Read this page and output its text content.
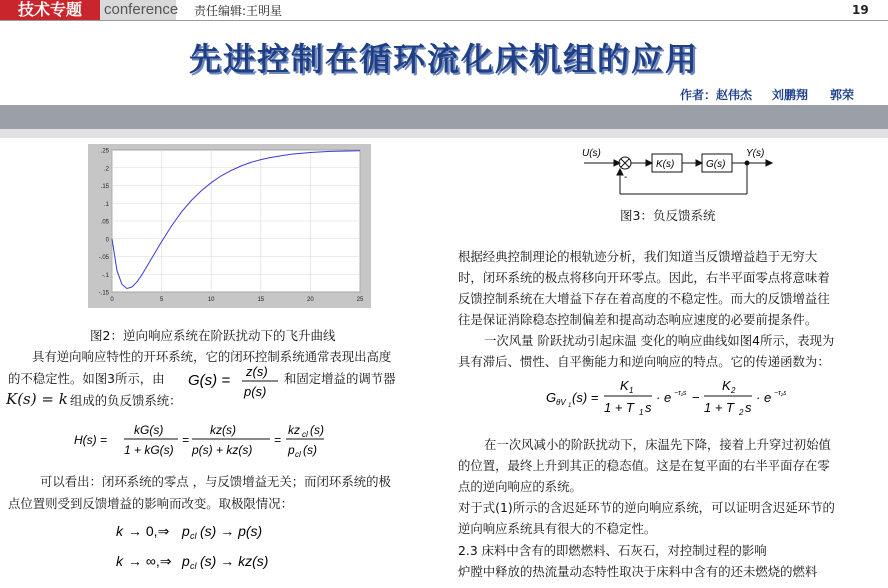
技术专题	conference 责任编辑:王明星	19
先进控制在循环流化床机组的应用
作者：赵伟杰 刘鹏翔 郭荣
-.15
-.1
-.05
0
.05
.1
.15
.2
.25
0	5	10	15	20	25
图2：逆向响应系统在阶跃扰动下的飞升曲线
具有逆向响应特性的开环系统，它的闭环控制系统通常表现出高度
的不稳定性。如图3所示，由 G(s) =
z(s)
p(s)
和固定增益的调节器
K(s) = k 组成的负反馈系统：
H(s) =
kG(s)
1 + kG(s)
=
kz(s)
p(s) + kz(s)
=
kz cl (s)
p cl (s)
可以看出：闭环系统的零点 ，与反馈增益无关；而闭环系统的极
点位置则受到反馈增益的影响而改变。取极限情况：
k → 0,⇒ p cl (s) → p(s)
k → ∞,⇒ p cl (s) → kz(s)
U(s)
K(s)	G(s)
Y(s)
-
图3：负反馈系统
根据经典控制理论的根轨迹分析，我们知道当反馈增益趋于无穷大
时，闭环系统的极点将移向开环零点。因此，右半平面零点将意味着
反馈控制系统在大增益下存在着高度的不稳定性。而大的反馈增益往
往是保证消除稳态控制偏差和提高动态响应速度的必要前提条件。
一次风量 阶跃扰动引起床温 变化的响应曲线如图4所示，表现为
具有滞后、惯性、自平衡能力和逆向响应的特点。它的传递函数为：
G θV 1
(s) =
K 1
1 + T 1 s
· e −τ₁s −
K 2
1 + T 2 s
· e −τ₂s
在一次风减小的阶跃扰动下，床温先下降，接着上升穿过初始值
的位置，最终上升到其正的稳态值。这是在复平面的右半平面存在零
点的逆向响应的系统。
对于式(1)所示的含迟延环节的逆向响应系统，可以证明含迟延环节的
逆向响应系统具有很大的不稳定性。
2.3 床料中含有的即燃燃料、石灰石，对控制过程的影响
炉膛中释放的热流量动态特性取决于床料中含有的还未燃烧的燃料
